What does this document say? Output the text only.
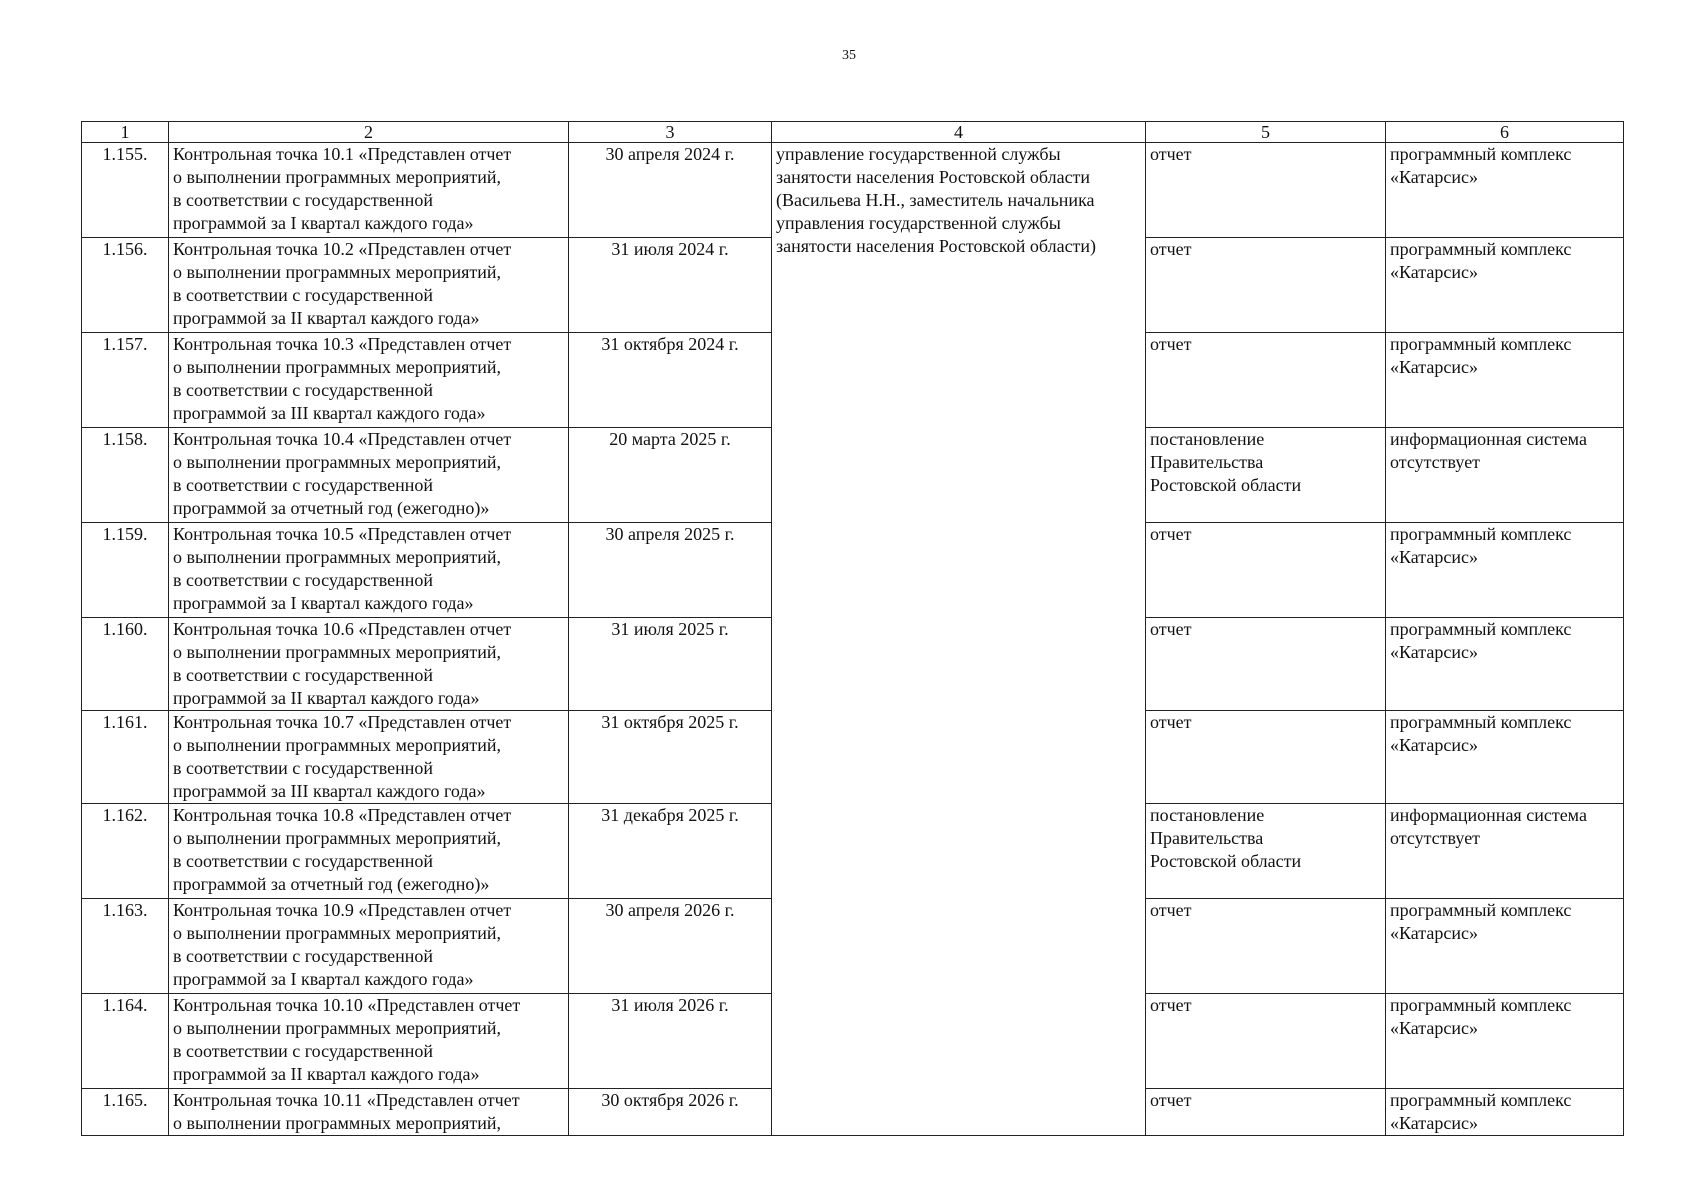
35
1	2	3	4	5	6
1.155.	Контрольная точка 10.1 «Представлен отчет
о выполнении программных мероприятий,
в соответствии с государственной
программой за I квартал каждого года»	30 апреля 2024 г.	управление государственной службы
занятости населения Ростовской области
(Васильева Н.Н., заместитель начальника
управления государственной службы
занятости населения Ростовской области)	отчет	программный комплекс
«Катарсис»

1.156.	Контрольная точка 10.2 «Представлен отчет
о выполнении программных мероприятий,
в соответствии с государственной
программой за II квартал каждого года»	31 июля 2024 г.		отчет	программный комплекс
«Катарсис»

1.157.	Контрольная точка 10.3 «Представлен отчет
о выполнении программных мероприятий,
в соответствии с государственной
программой за III квартал каждого года»	31 октября 2024 г.		отчет	программный комплекс
«Катарсис»

1.158.	Контрольная точка 10.4 «Представлен отчет
о выполнении программных мероприятий,
в соответствии с государственной
программой за отчетный год (ежегодно)»	20 марта 2025 г.		постановление
Правительства
Ростовской области	информационная система
отсутствует

1.159.	Контрольная точка 10.5 «Представлен отчет
о выполнении программных мероприятий,
в соответствии с государственной
программой за I квартал каждого года»	30 апреля 2025 г.		отчет	программный комплекс
«Катарсис»

1.160.	Контрольная точка 10.6 «Представлен отчет
о выполнении программных мероприятий,
в соответствии с государственной
программой за II квартал каждого года»	31 июля 2025 г.		отчет	программный комплекс
«Катарсис»

1.161.	Контрольная точка 10.7 «Представлен отчет
о выполнении программных мероприятий,
в соответствии с государственной
программой за III квартал каждого года»	31 октября 2025 г.		отчет	программный комплекс
«Катарсис»

1.162.	Контрольная точка 10.8 «Представлен отчет
о выполнении программных мероприятий,
в соответствии с государственной
программой за отчетный год (ежегодно)»	31 декабря 2025 г.		постановление
Правительства
Ростовской области	информационная система
отсутствует

1.163.	Контрольная точка 10.9 «Представлен отчет
о выполнении программных мероприятий,
в соответствии с государственной
программой за I квартал каждого года»	30 апреля 2026 г.		отчет	программный комплекс
«Катарсис»

1.164.	Контрольная точка 10.10 «Представлен отчет
о выполнении программных мероприятий,
в соответствии с государственной
программой за II квартал каждого года»	31 июля 2026 г.		отчет	программный комплекс
«Катарсис»

1.165.	Контрольная точка 10.11 «Представлен отчет
о выполнении программных мероприятий,	30 октября 2026 г.		отчет	программный комплекс
«Катарсис»
